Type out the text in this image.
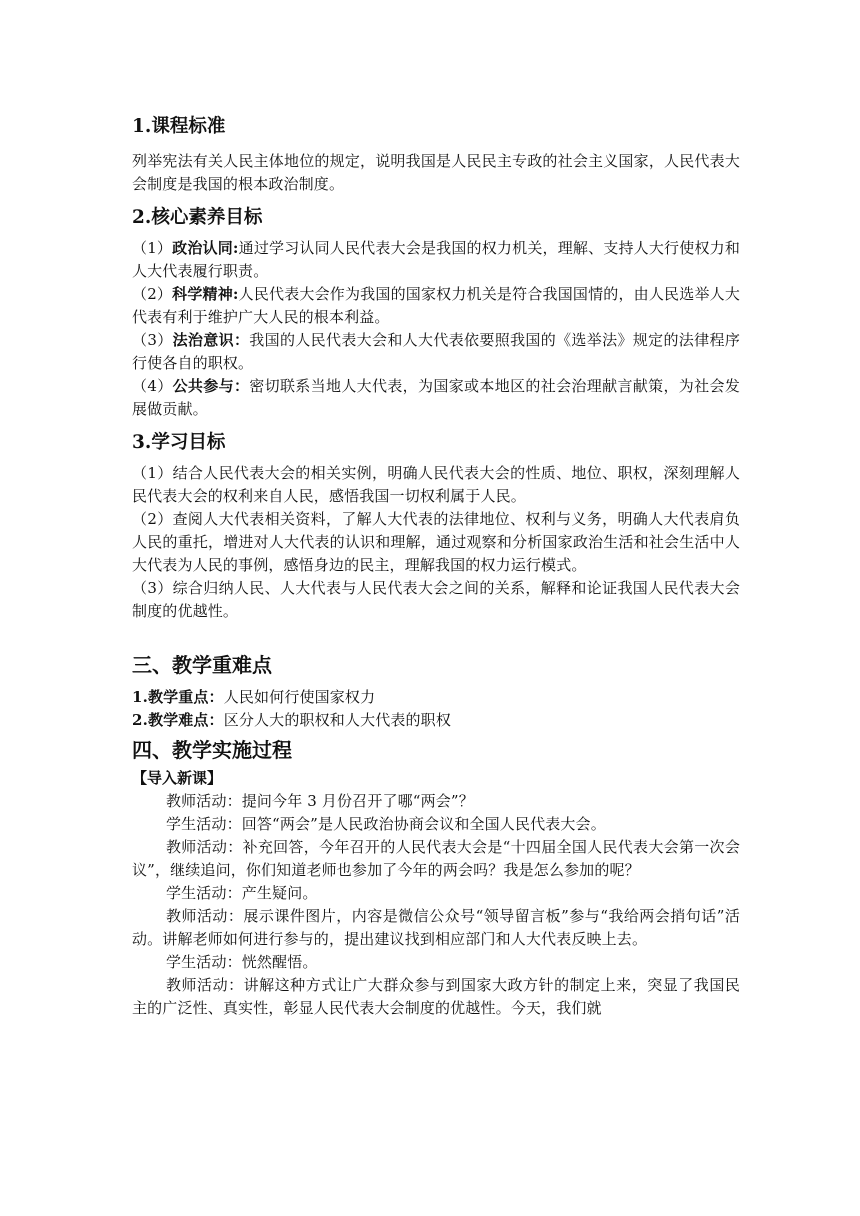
1.课程标准

列举宪法有关人民主体地位的规定，说明我国是人民民主专政的社会主义国家，人民代表大会制度是我国的根本政治制度。

2.核心素养目标

（1）政治认同:通过学习认同人民代表大会是我国的权力机关，理解、支持人大行使权力和人大代表履行职责。

（2）科学精神:人民代表大会作为我国的国家权力机关是符合我国国情的，由人民选举人大代表有利于维护广大人民的根本利益。

（3）法治意识：我国的人民代表大会和人大代表依要照我国的《选举法》规定的法律程序行使各自的职权。

（4）公共参与：密切联系当地人大代表，为国家或本地区的社会治理献言献策，为社会发展做贡献。

3.学习目标

（1）结合人民代表大会的相关实例，明确人民代表大会的性质、地位、职权，深刻理解人民代表大会的权利来自人民，感悟我国一切权利属于人民。

（2）查阅人大代表相关资料，了解人大代表的法律地位、权利与义务，明确人大代表肩负人民的重托，增进对人大代表的认识和理解，通过观察和分析国家政治生活和社会生活中人大代表为人民的事例，感悟身边的民主，理解我国的权力运行模式。

（3）综合归纳人民、人大代表与人民代表大会之间的关系，解释和论证我国人民代表大会制度的优越性。

三、教学重难点

1.教学重点：人民如何行使国家权力

2.教学难点：区分人大的职权和人大代表的职权

四、教学实施过程
【导入新课】

教师活动：提问今年 3 月份召开了哪“两会”？

学生活动：回答“两会”是人民政治协商会议和全国人民代表大会。

教师活动：补充回答，今年召开的人民代表大会是“十四届全国人民代表大会第一次会议”，继续追问，你们知道老师也参加了今年的两会吗？我是怎么参加的呢？

学生活动：产生疑问。

教师活动：展示课件图片，内容是微信公众号“领导留言板”参与“我给两会捎句话”活动。讲解老师如何进行参与的，提出建议找到相应部门和人大代表反映上去。

学生活动：恍然醒悟。

教师活动：讲解这种方式让广大群众参与到国家大政方针的制定上来，突显了我国民主的广泛性、真实性，彰显人民代表大会制度的优越性。今天，我们就
